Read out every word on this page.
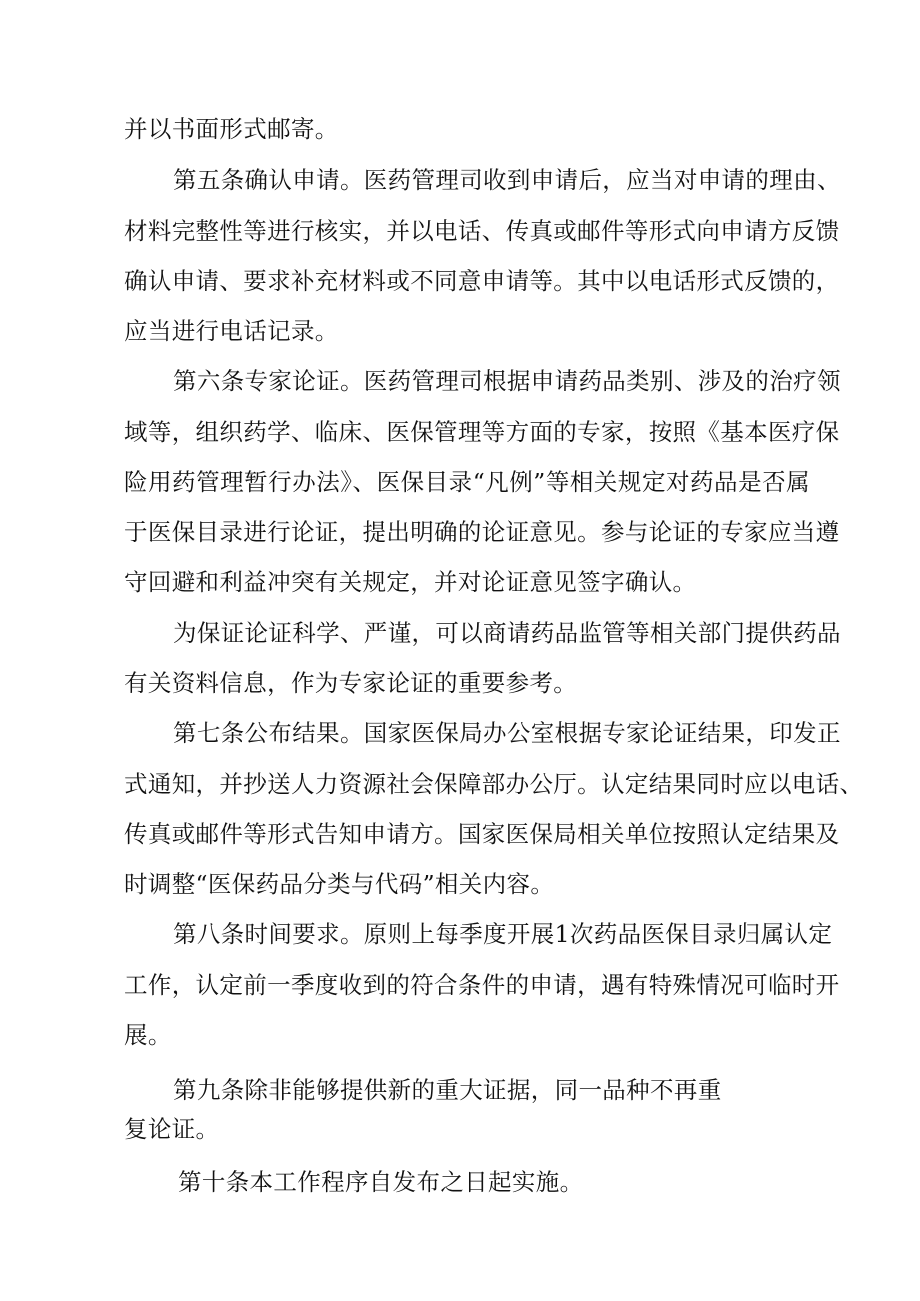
并以书面形式邮寄。
第五条确认申请。医药管理司收到申请后，应当对申请的理由、
材料完整性等进行核实，并以电话、传真或邮件等形式向申请方反馈
确认申请、要求补充材料或不同意申请等。其中以电话形式反馈的，
应当进行电话记录。
第六条专家论证。医药管理司根据申请药品类别、涉及的治疗领
域等，组织药学、临床、医保管理等方面的专家，按照《基本医疗保
险用药管理暂行办法》、医保目录“凡例”等相关规定对药品是否属
于医保目录进行论证，提出明确的论证意见。参与论证的专家应当遵
守回避和利益冲突有关规定，并对论证意见签字确认。
为保证论证科学、严谨，可以商请药品监管等相关部门提供药品
有关资料信息，作为专家论证的重要参考。
第七条公布结果。国家医保局办公室根据专家论证结果，印发正
式通知，并抄送人力资源社会保障部办公厅。认定结果同时应以电话、
传真或邮件等形式告知申请方。国家医保局相关单位按照认定结果及
时调整“医保药品分类与代码”相关内容。
第八条时间要求。原则上每季度开展1次药品医保目录归属认定
工作，认定前一季度收到的符合条件的申请，遇有特殊情况可临时开
展。
第九条除非能够提供新的重大证据，同一品种不再重
复论证。
第十条本工作程序自发布之日起实施。
